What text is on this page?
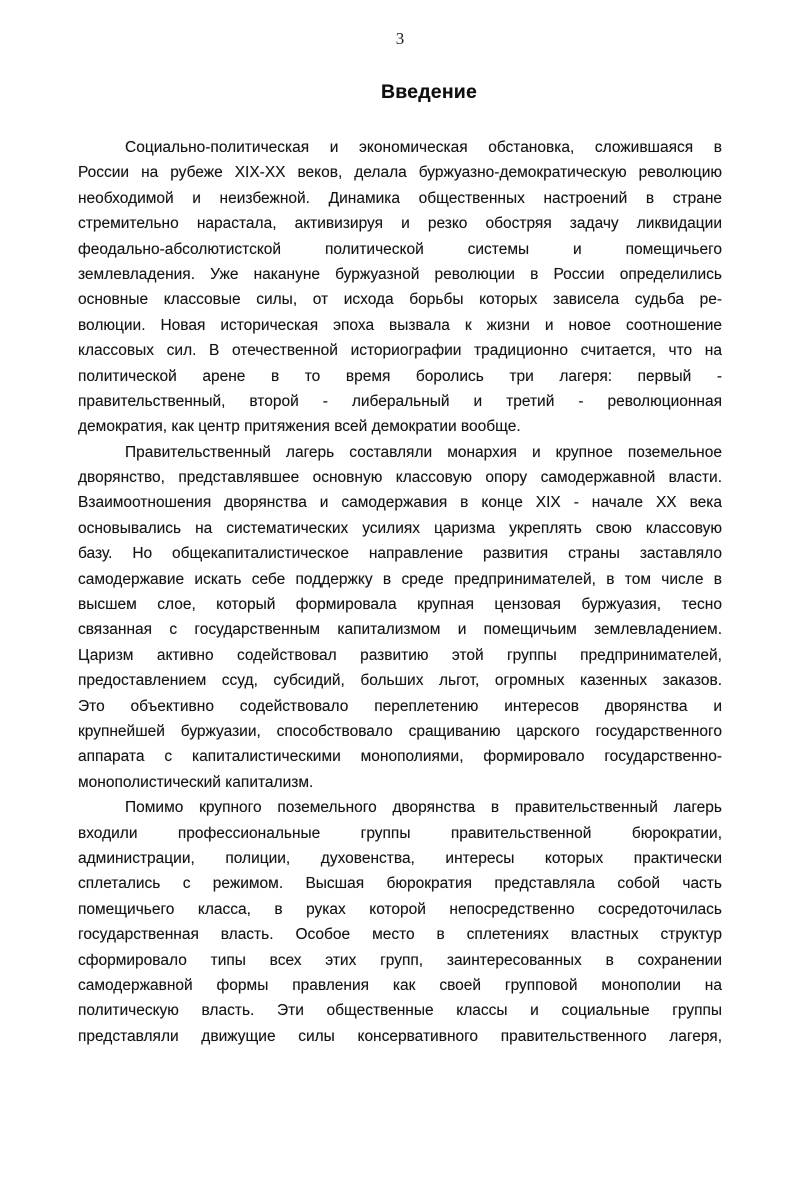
3
Введение
Социально-политическая и экономическая обстановка, сложившаяся в
России на рубеже XIX-XX веков, делала буржуазно-демократическую революцию
необходимой и неизбежной. Динамика общественных настроений в стране
стремительно нарастала, активизируя и резко обостряя задачу ликвидации
феодально-абсолютистской политической системы и помещичьего
землевладения. Уже накануне буржуазной революции в России определились
основные классовые силы, от исхода борьбы которых зависела судьба ре-
волюции. Новая историческая эпоха вызвала к жизни и новое соотношение
классовых сил. В отечественной историографии традиционно считается, что на
политической арене в то время боролись три лагеря: первый -
правительственный, второй - либеральный и третий - революционная
демократия, как центр притяжения всей демократии вообще.
Правительственный лагерь составляли монархия и крупное поземельное
дворянство, представлявшее основную классовую опору самодержавной власти.
Взаимоотношения дворянства и самодержавия в конце XIX - начале XX века
основывались на систематических усилиях царизма укреплять свою классовую
базу. Но общекапиталистическое направление развития страны заставляло
самодержавие искать себе поддержку в среде предпринимателей, в том числе в
высшем слое, который формировала крупная цензовая буржуазия, тесно
связанная с государственным капитализмом и помещичьим землевладением.
Царизм активно содействовал развитию этой группы предпринимателей,
предоставлением ссуд, субсидий, больших льгот, огромных казенных заказов.
Это объективно содействовало переплетению интересов дворянства и
крупнейшей буржуазии, способствовало сращиванию царского государственного
аппарата с капиталистическими монополиями, формировало государственно-
монополистический капитализм.
Помимо крупного поземельного дворянства в правительственный лагерь
входили профессиональные группы правительственной бюрократии,
администрации, полиции, духовенства, интересы которых практически
сплетались с режимом. Высшая бюрократия представляла собой часть
помещичьего класса, в руках которой непосредственно сосредоточилась
государственная власть. Особое место в сплетениях властных структур
сформировало типы всех этих групп, заинтересованных в сохранении
самодержавной формы правления как своей групповой монополии на
политическую власть. Эти общественные классы и социальные группы
представляли движущие силы консервативного правительственного лагеря,
